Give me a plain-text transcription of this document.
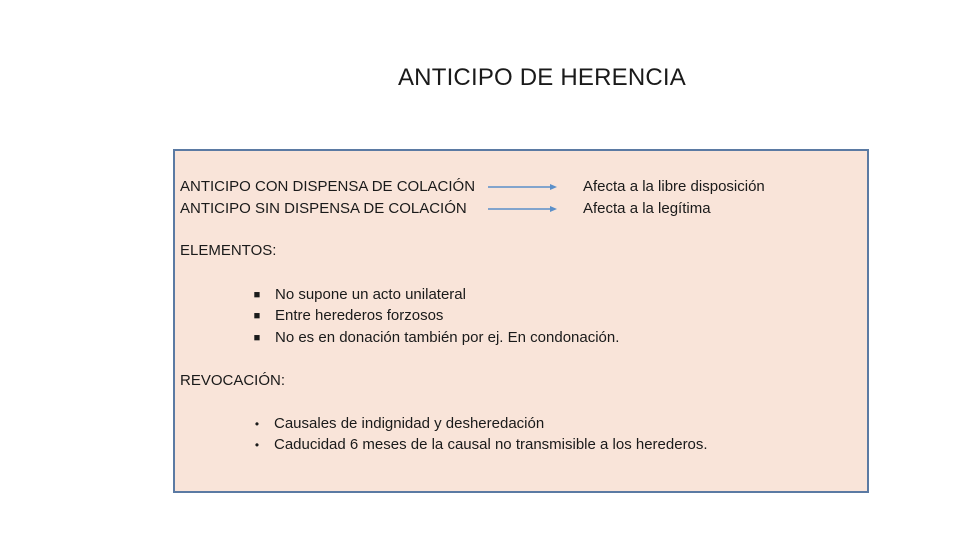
ANTICIPO DE HERENCIA
ANTICIPO CON DISPENSA DE COLACIÓN	Afecta a la libre disposición
ANTICIPO SIN DISPENSA DE COLACIÓN	Afecta a la legítima
ELEMENTOS:
■ No supone un acto unilateral
■ Entre herederos forzosos
■ No es en donación también por ej. En condonación.
REVOCACIÓN:
• Causales de indignidad y desheredación
• Caducidad 6 meses de la causal no transmisible a los herederos.
